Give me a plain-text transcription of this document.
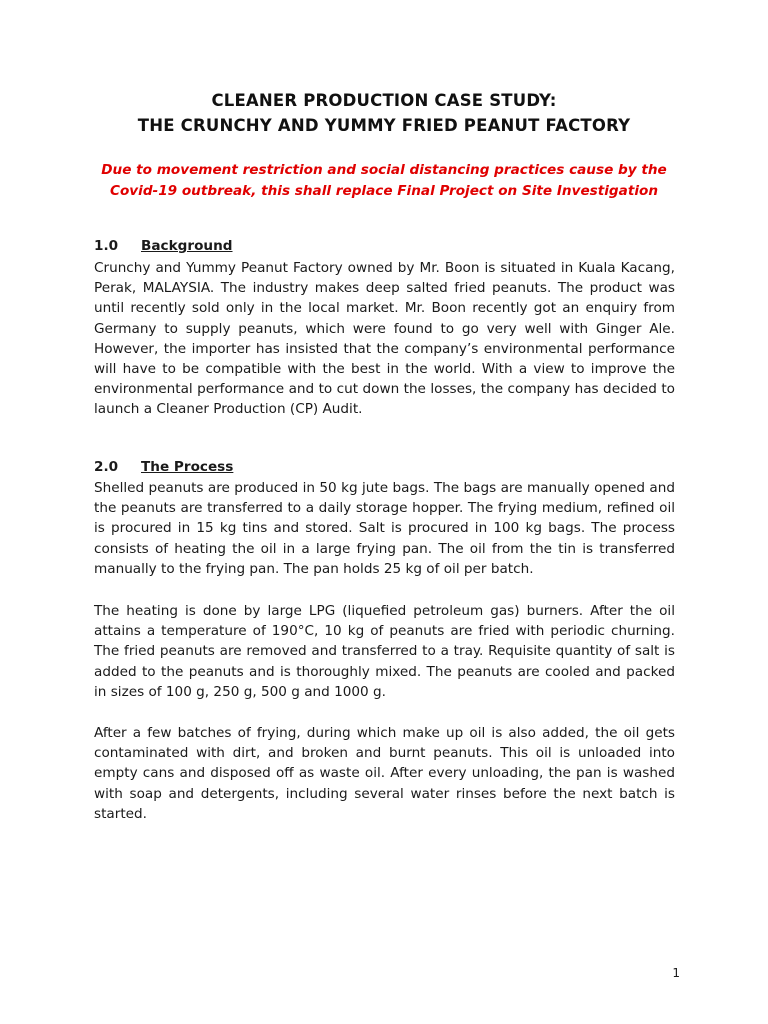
CLEANER PRODUCTION CASE STUDY:
THE CRUNCHY AND YUMMY FRIED PEANUT FACTORY
Due to movement restriction and social distancing practices cause by the Covid-19 outbreak, this shall replace Final Project on Site Investigation
1.0 Background
Crunchy and Yummy Peanut Factory owned by Mr. Boon is situated in Kuala Kacang, Perak, MALAYSIA. The industry makes deep salted fried peanuts. The product was until recently sold only in the local market. Mr. Boon recently got an enquiry from Germany to supply peanuts, which were found to go very well with Ginger Ale. However, the importer has insisted that the company’s environmental performance will have to be compatible with the best in the world. With a view to improve the environmental performance and to cut down the losses, the company has decided to launch a Cleaner Production (CP) Audit.
2.0 The Process
Shelled peanuts are produced in 50 kg jute bags. The bags are manually opened and the peanuts are transferred to a daily storage hopper. The frying medium, refined oil is procured in 15 kg tins and stored. Salt is procured in 100 kg bags. The process consists of heating the oil in a large frying pan. The oil from the tin is transferred manually to the frying pan. The pan holds 25 kg of oil per batch.
The heating is done by large LPG (liquefied petroleum gas) burners. After the oil attains a temperature of 190°C, 10 kg of peanuts are fried with periodic churning. The fried peanuts are removed and transferred to a tray. Requisite quantity of salt is added to the peanuts and is thoroughly mixed. The peanuts are cooled and packed in sizes of 100 g, 250 g, 500 g and 1000 g.
After a few batches of frying, during which make up oil is also added, the oil gets contaminated with dirt, and broken and burnt peanuts. This oil is unloaded into empty cans and disposed off as waste oil. After every unloading, the pan is washed with soap and detergents, including several water rinses before the next batch is started.
1
